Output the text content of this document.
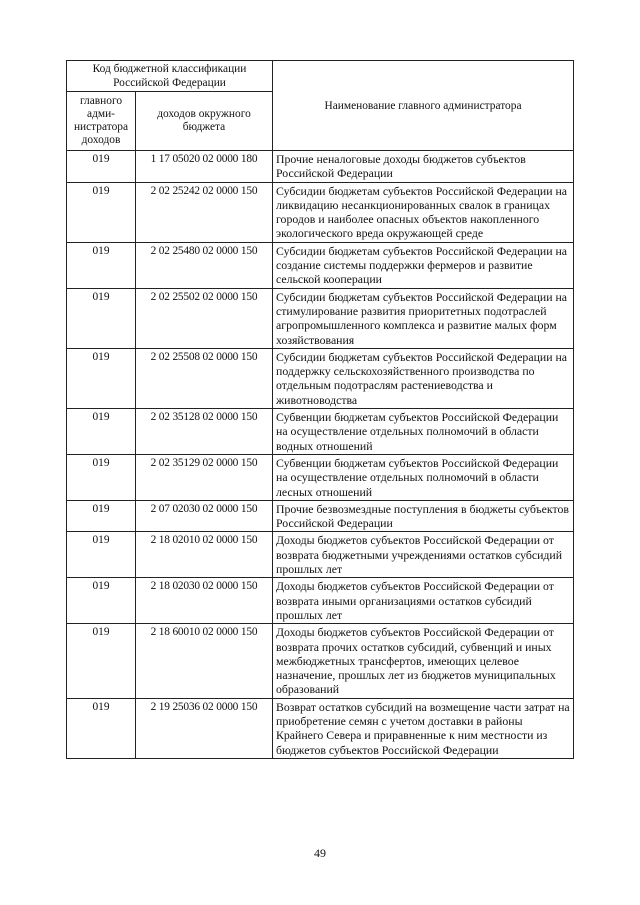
Код бюджетной классификации Российской Федерации		Наименование главного администратора
главного адми-нистратора доходов	доходов окружного бюджета	
019	1 17 05020 02 0000 180	Прочие неналоговые доходы бюджетов субъектов Российской Федерации
019	2 02 25242 02 0000 150	Субсидии бюджетам субъектов Российской Федерации на ликвидацию несанкционированных свалок в границах городов и наиболее опасных объектов накопленного экологического вреда окружающей среде
019	2 02 25480 02 0000 150	Субсидии бюджетам субъектов Российской Федерации на создание системы поддержки фермеров и развитие сельской кооперации
019	2 02 25502 02 0000 150	Субсидии бюджетам субъектов Российской Федерации на стимулирование развития приоритетных подотраслей агропромышленного комплекса и развитие малых форм хозяйствования
019	2 02 25508 02 0000 150	Субсидии бюджетам субъектов Российской Федерации на поддержку сельскохозяйственного производства по отдельным подотраслям растениеводства и животноводства
019	2 02 35128 02 0000 150	Субвенции бюджетам субъектов Российской Федерации на осуществление отдельных полномочий в области водных отношений
019	2 02 35129 02 0000 150	Субвенции бюджетам субъектов Российской Федерации на осуществление отдельных полномочий в области лесных отношений
019	2 07 02030 02 0000 150	Прочие безвозмездные поступления в бюджеты субъектов Российской Федерации
019	2 18 02010 02 0000 150	Доходы бюджетов субъектов Российской Федерации от возврата бюджетными учреждениями остатков субсидий прошлых лет
019	2 18 02030 02 0000 150	Доходы бюджетов субъектов Российской Федерации от возврата иными организациями остатков субсидий прошлых лет
019	2 18 60010 02 0000 150	Доходы бюджетов субъектов Российской Федерации от возврата прочих остатков субсидий, субвенций и иных межбюджетных трансфертов, имеющих целевое назначение, прошлых лет из бюджетов муниципальных образований
019	2 19 25036 02 0000 150	Возврат остатков субсидий на возмещение части затрат на приобретение семян с учетом доставки в районы Крайнего Севера и приравненные к ним местности из бюджетов субъектов Российской Федерации
49
